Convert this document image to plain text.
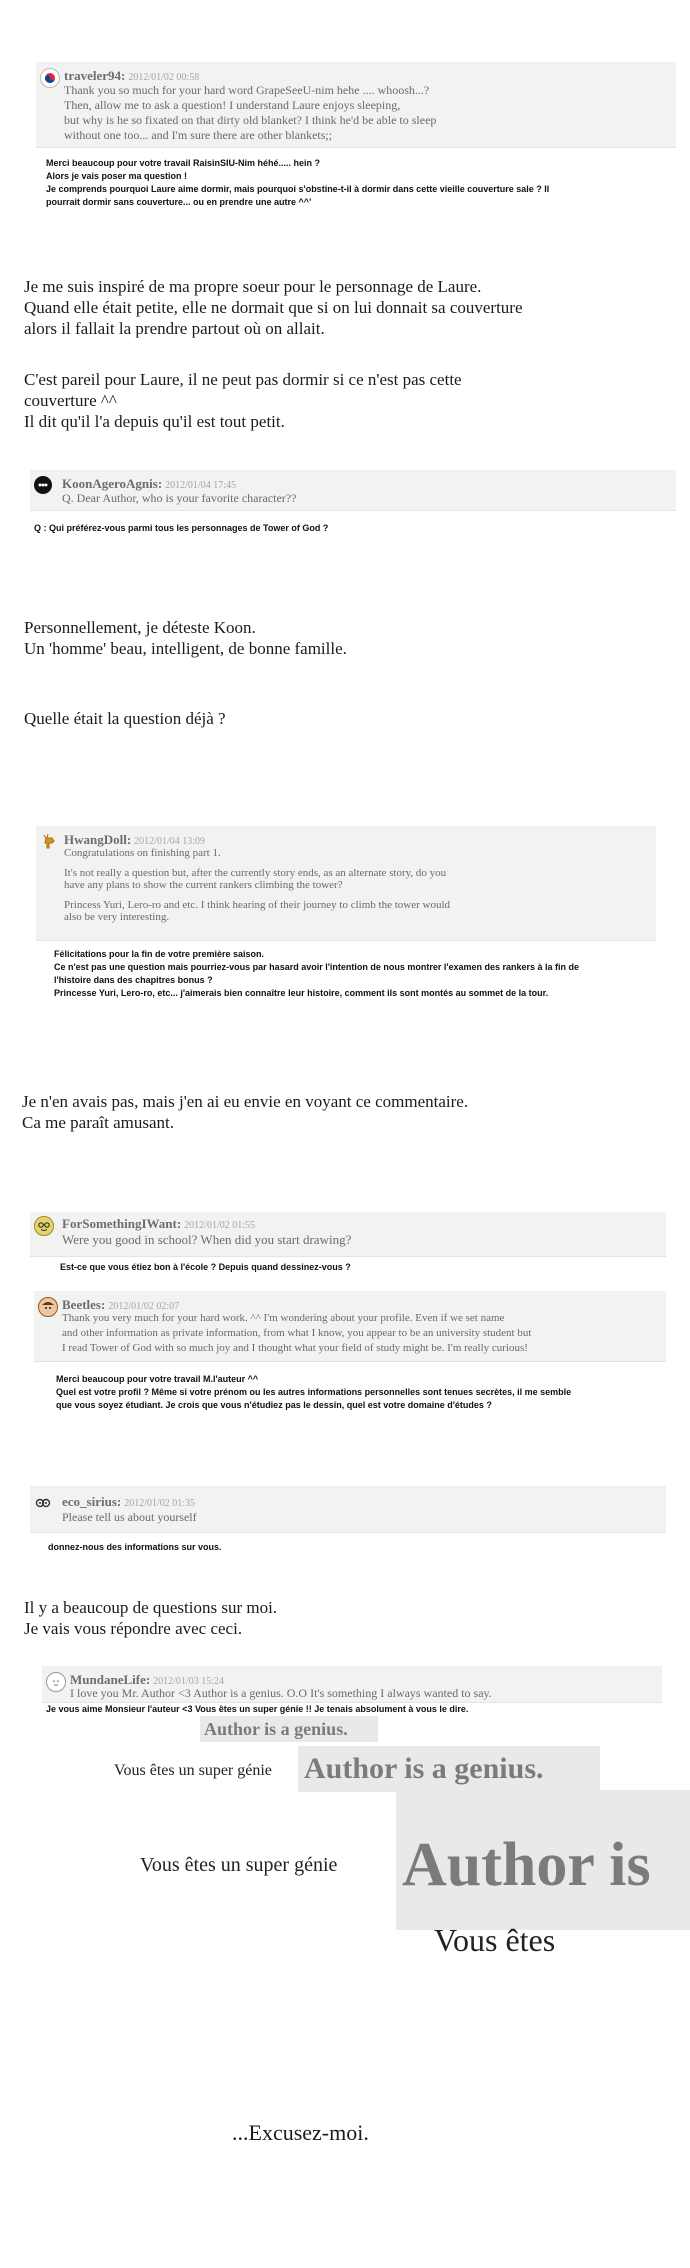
traveler94: 2012/01/02 00:58
Thank you so much for your hard word GrapeSeeU-nim hehe .... whoosh...?
Then, allow me to ask a question! I understand Laure enjoys sleeping,
but why is he so fixated on that dirty old blanket? I think he'd be able to sleep
without one too... and I'm sure there are other blankets;;
Merci beaucoup pour votre travail RaisinSIU-Nim héhé..... hein ?
Alors je vais poser ma question !
Je comprends pourquoi Laure aime dormir, mais pourquoi s'obstine-t-il à dormir dans cette vieille couverture sale ? Il
pourrait dormir sans couverture... ou en prendre une autre ^^'
Je me suis inspiré de ma propre soeur pour le personnage de Laure.
Quand elle était petite, elle ne dormait que si on lui donnait sa couverture
alors il fallait la prendre partout où on allait.
C'est pareil pour Laure, il ne peut pas dormir si ce n'est pas cette
couverture ^^
Il dit qu'il l'a depuis qu'il est tout petit.
KoonAgeroAgnis: 2012/01/04 17:45
Q. Dear Author, who is your favorite character??
Q : Qui préférez-vous parmi tous les personnages de Tower of God ?
Personnellement, je déteste Koon.
Un 'homme' beau, intelligent, de bonne famille.
Quelle était la question déjà ?
HwangDoll: 2012/01/04 13:09
Congratulations on finishing part 1.
It's not really a question but, after the currently story ends, as an alternate story, do you
have any plans to show the current rankers climbing the tower?
Princess Yuri, Lero-ro and etc. I think hearing of their journey to climb the tower would
also be very interesting.
Félicitations pour la fin de votre première saison.
Ce n'est pas une question mais pourriez-vous par hasard avoir l'intention de nous montrer l'examen des rankers à la fin de
l'histoire dans des chapitres bonus ?
Princesse Yuri, Lero-ro, etc... j'aimerais bien connaître leur histoire, comment ils sont montés au sommet de la tour.
Je n'en avais pas, mais j'en ai eu envie en voyant ce commentaire.
Ca me paraît amusant.
ForSomethingIWant: 2012/01/02 01:55
Were you good in school? When did you start drawing?
Est-ce que vous étiez bon à l'école ? Depuis quand dessinez-vous ?
Beetles: 2012/01/02 02:07
Thank you very much for your hard work. ^^ I'm wondering about your profile. Even if we set name
and other information as private information, from what I know, you appear to be an university student but
I read Tower of God with so much joy and I thought what your field of study might be. I'm really curious!
Merci beaucoup pour votre travail M.l'auteur ^^
Quel est votre profil ? Même si votre prénom ou les autres informations personnelles sont tenues secrètes, il me semble
que vous soyez étudiant. Je crois que vous n'étudiez pas le dessin, quel est votre domaine d'études ?
eco_sirius: 2012/01/02 01:35
Please tell us about yourself
donnez-nous des informations sur vous.
Il y a beaucoup de questions sur moi.
Je vais vous répondre avec ceci.
MundaneLife: 2012/01/03 15:24
I love you Mr. Author <3 Author is a genius. O.O It's something I always wanted to say.
Je vous aime Monsieur l'auteur <3 Vous êtes un super génie !! Je tenais absolument à vous le dire.
Author is a genius.
Vous êtes un super génie Author is a genius.
Vous êtes un super génie Author is
Vous êtes
...Excusez-moi.
